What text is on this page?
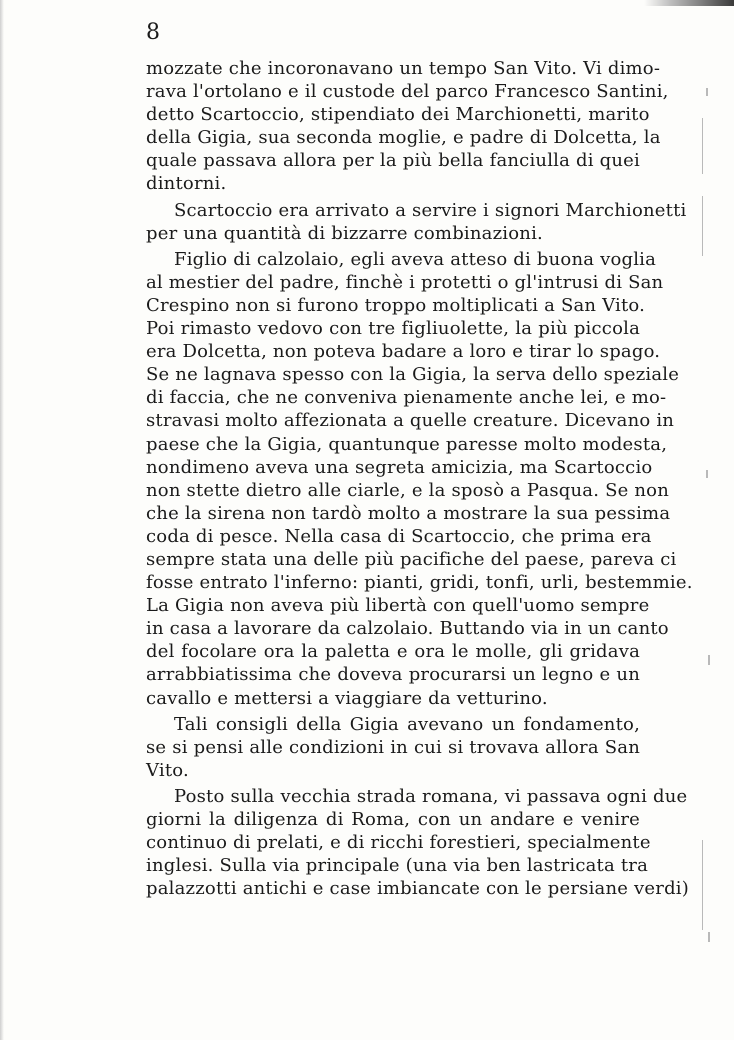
8
mozzate che incoronavano un tempo San Vito. Vi dimo-
rava l'ortolano e il custode del parco Francesco Santini,
detto Scartoccio, stipendiato dei Marchionetti, marito
della Gigia, sua seconda moglie, e padre di Dolcetta, la
quale passava allora per la più bella fanciulla di quei
dintorni.
Scartoccio era arrivato a servire i signori Marchionetti
per una quantità di bizzarre combinazioni.
Figlio di calzolaio, egli aveva atteso di buona voglia
al mestier del padre, finchè i protetti o gl'intrusi di San
Crespino non si furono troppo moltiplicati a San Vito.
Poi rimasto vedovo con tre figliuolette, la più piccola
era Dolcetta, non poteva badare a loro e tirar lo spago.
Se ne lagnava spesso con la Gigia, la serva dello speziale
di faccia, che ne conveniva pienamente anche lei, e mo-
stravasi molto affezionata a quelle creature. Dicevano in
paese che la Gigia, quantunque paresse molto modesta,
nondimeno aveva una segreta amicizia, ma Scartoccio
non stette dietro alle ciarle, e la sposò a Pasqua. Se non
che la sirena non tardò molto a mostrare la sua pessima
coda di pesce. Nella casa di Scartoccio, che prima era
sempre stata una delle più pacifiche del paese, pareva ci
fosse entrato l'inferno: pianti, gridi, tonfi, urli, bestemmie.
La Gigia non aveva più libertà con quell'uomo sempre
in casa a lavorare da calzolaio. Buttando via in un canto
del focolare ora la paletta e ora le molle, gli gridava
arrabbiatissima che doveva procurarsi un legno e un
cavallo e mettersi a viaggiare da vetturino.
Tali consigli della Gigia avevano un fondamento,
se si pensi alle condizioni in cui si trovava allora San
Vito.
Posto sulla vecchia strada romana, vi passava ogni due
giorni la diligenza di Roma, con un andare e venire
continuo di prelati, e di ricchi forestieri, specialmente
inglesi. Sulla via principale (una via ben lastricata tra
palazzotti antichi e case imbiancate con le persiane verdi)
